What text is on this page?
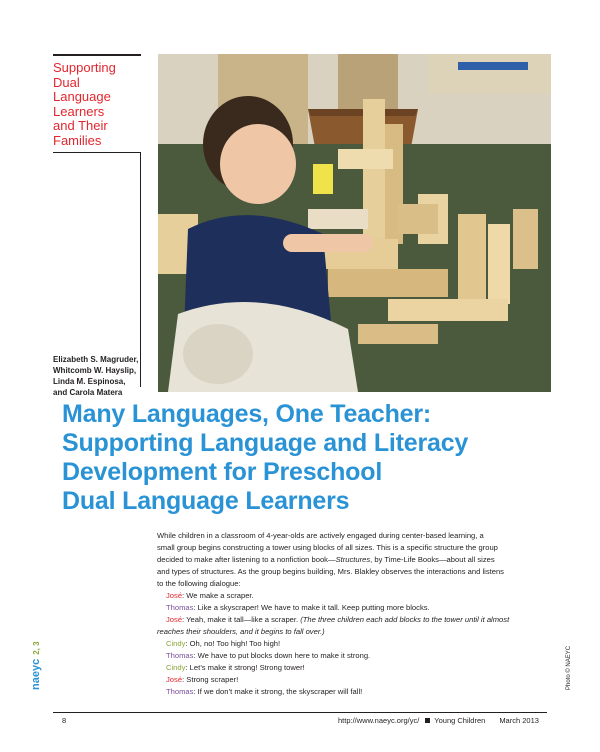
Supporting
Dual
Language
Learners
and Their
Families
Elizabeth S. Magruder,
Whitcomb W. Hayslip,
Linda M. Espinosa,
and Carola Matera
Many Languages, One Teacher:
Supporting Language and Literacy
Development for Preschool
Dual Language Learners
While children in a classroom of 4-year-olds are actively engaged during center-based learning, a
small group begins constructing a tower using blocks of all sizes. This is a specific structure the group
decided to make after listening to a nonfiction book—Structures, by Time-Life Books—about all sizes
and types of structures. As the group begins building, Mrs. Blakley observes the interactions and listens
to the following dialogue:
José: We make a scraper.
Thomas: Like a skyscraper! We have to make it tall. Keep putting more blocks.
José: Yeah, make it tall—like a scraper. (The three children each add blocks to the tower until it almost
reaches their shoulders, and it begins to fall over.)
Cindy: Oh, no! Too high! Too high!
Thomas: We have to put blocks down here to make it strong.
Cindy: Let’s make it strong! Strong tower!
José: Strong scraper!
Thomas: If we don’t make it strong, the skyscraper will fall!
naeyc2, 3	Photo © NAEYC
8	http://www.naeyc.org/yc/ Young Children March 2013
